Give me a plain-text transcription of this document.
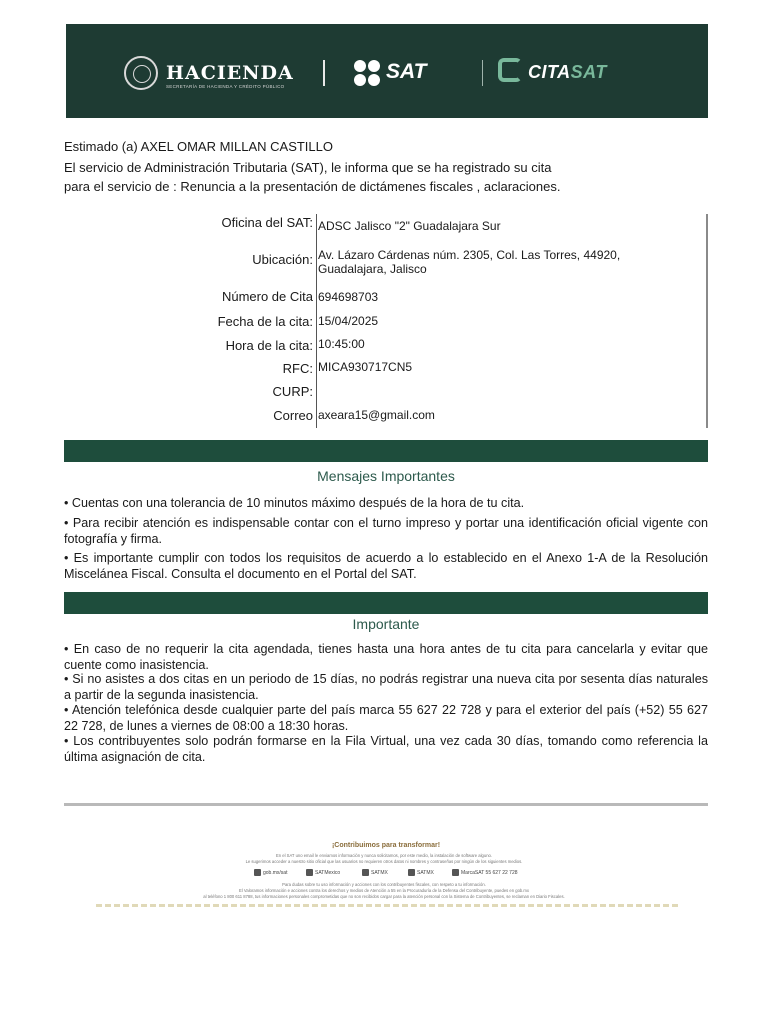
HACIENDA
SECRETARÍA DE HACIENDA Y CRÉDITO PÚBLICO
SAT	CITASAT
Estimado (a) AXEL OMAR MILLAN CASTILLO
El servicio de Administración Tributaria (SAT), le informa que se ha registrado su cita
para el servicio de : Renuncia a la presentación de dictámenes fiscales , aclaraciones.
Oficina del SAT: ADSC Jalisco "2" Guadalajara Sur
Ubicación: Av. Lázaro Cárdenas núm. 2305, Col. Las Torres, 44920,
Guadalajara, Jalisco
Número de Cita 694698703
Fecha de la cita: 15/04/2025
Hora de la cita: 10:45:00
RFC: MICA930717CN5
CURP:
Correo axeara15@gmail.com
Mensajes Importantes
• Cuentas con una tolerancia de 10 minutos máximo después de la hora de tu cita.
• Para recibir atención es indispensable contar con el turno impreso y portar una identificación oficial vigente con fotografía y firma.
• Es importante cumplir con todos los requisitos de acuerdo a lo establecido en el Anexo 1-A de la Resolución Miscelánea Fiscal. Consulta el documento en el Portal del SAT.
Importante
• En caso de no requerir la cita agendada, tienes hasta una hora antes de tu cita para cancelarla y evitar que cuente como inasistencia.
• Si no asistes a dos citas en un periodo de 15 días, no podrás registrar una nueva cita por sesenta días naturales a partir de la segunda inasistencia.
• Atención telefónica desde cualquier parte del país marca 55 627 22 728 y para el exterior del país (+52) 55 627 22 728, de lunes a viernes de 08:00 a 18:30 horas.
• Los contribuyentes solo podrán formarse en la Fila Virtual, una vez cada 30 días, tomando como referencia la última asignación de cita.
¡Contribuimos para transformar!
En el SAT uno email le enviamos información y nunca solicitamos, por este medio, la instalación de software alguno.
Le sugerimos acceder a nuestro sitio oficial que las usuarios no requieren otros datos ni nombres y contraseñas por ningún de los siguientes medios.
gob.mx/sat	SATMexico	SATMX	SATMX	MarcaSAT 55 627 22 728
Para dudas sobre tu uso información y acciones con los contribuyentes fiscales, con respeto a tu información.
El Valoramos información e acciones contra los derechos y medios de Atención a 55 en la Procuraduría de la Defensa del Contribuyente, puedes en gob.mx
al teléfono 1 800 611 8788, tus informaciones personales comprometidas que no son recibidos cargar para la atención personal con la Sistema de Contribuyentes, se reclaman en Diario Fiscales.
